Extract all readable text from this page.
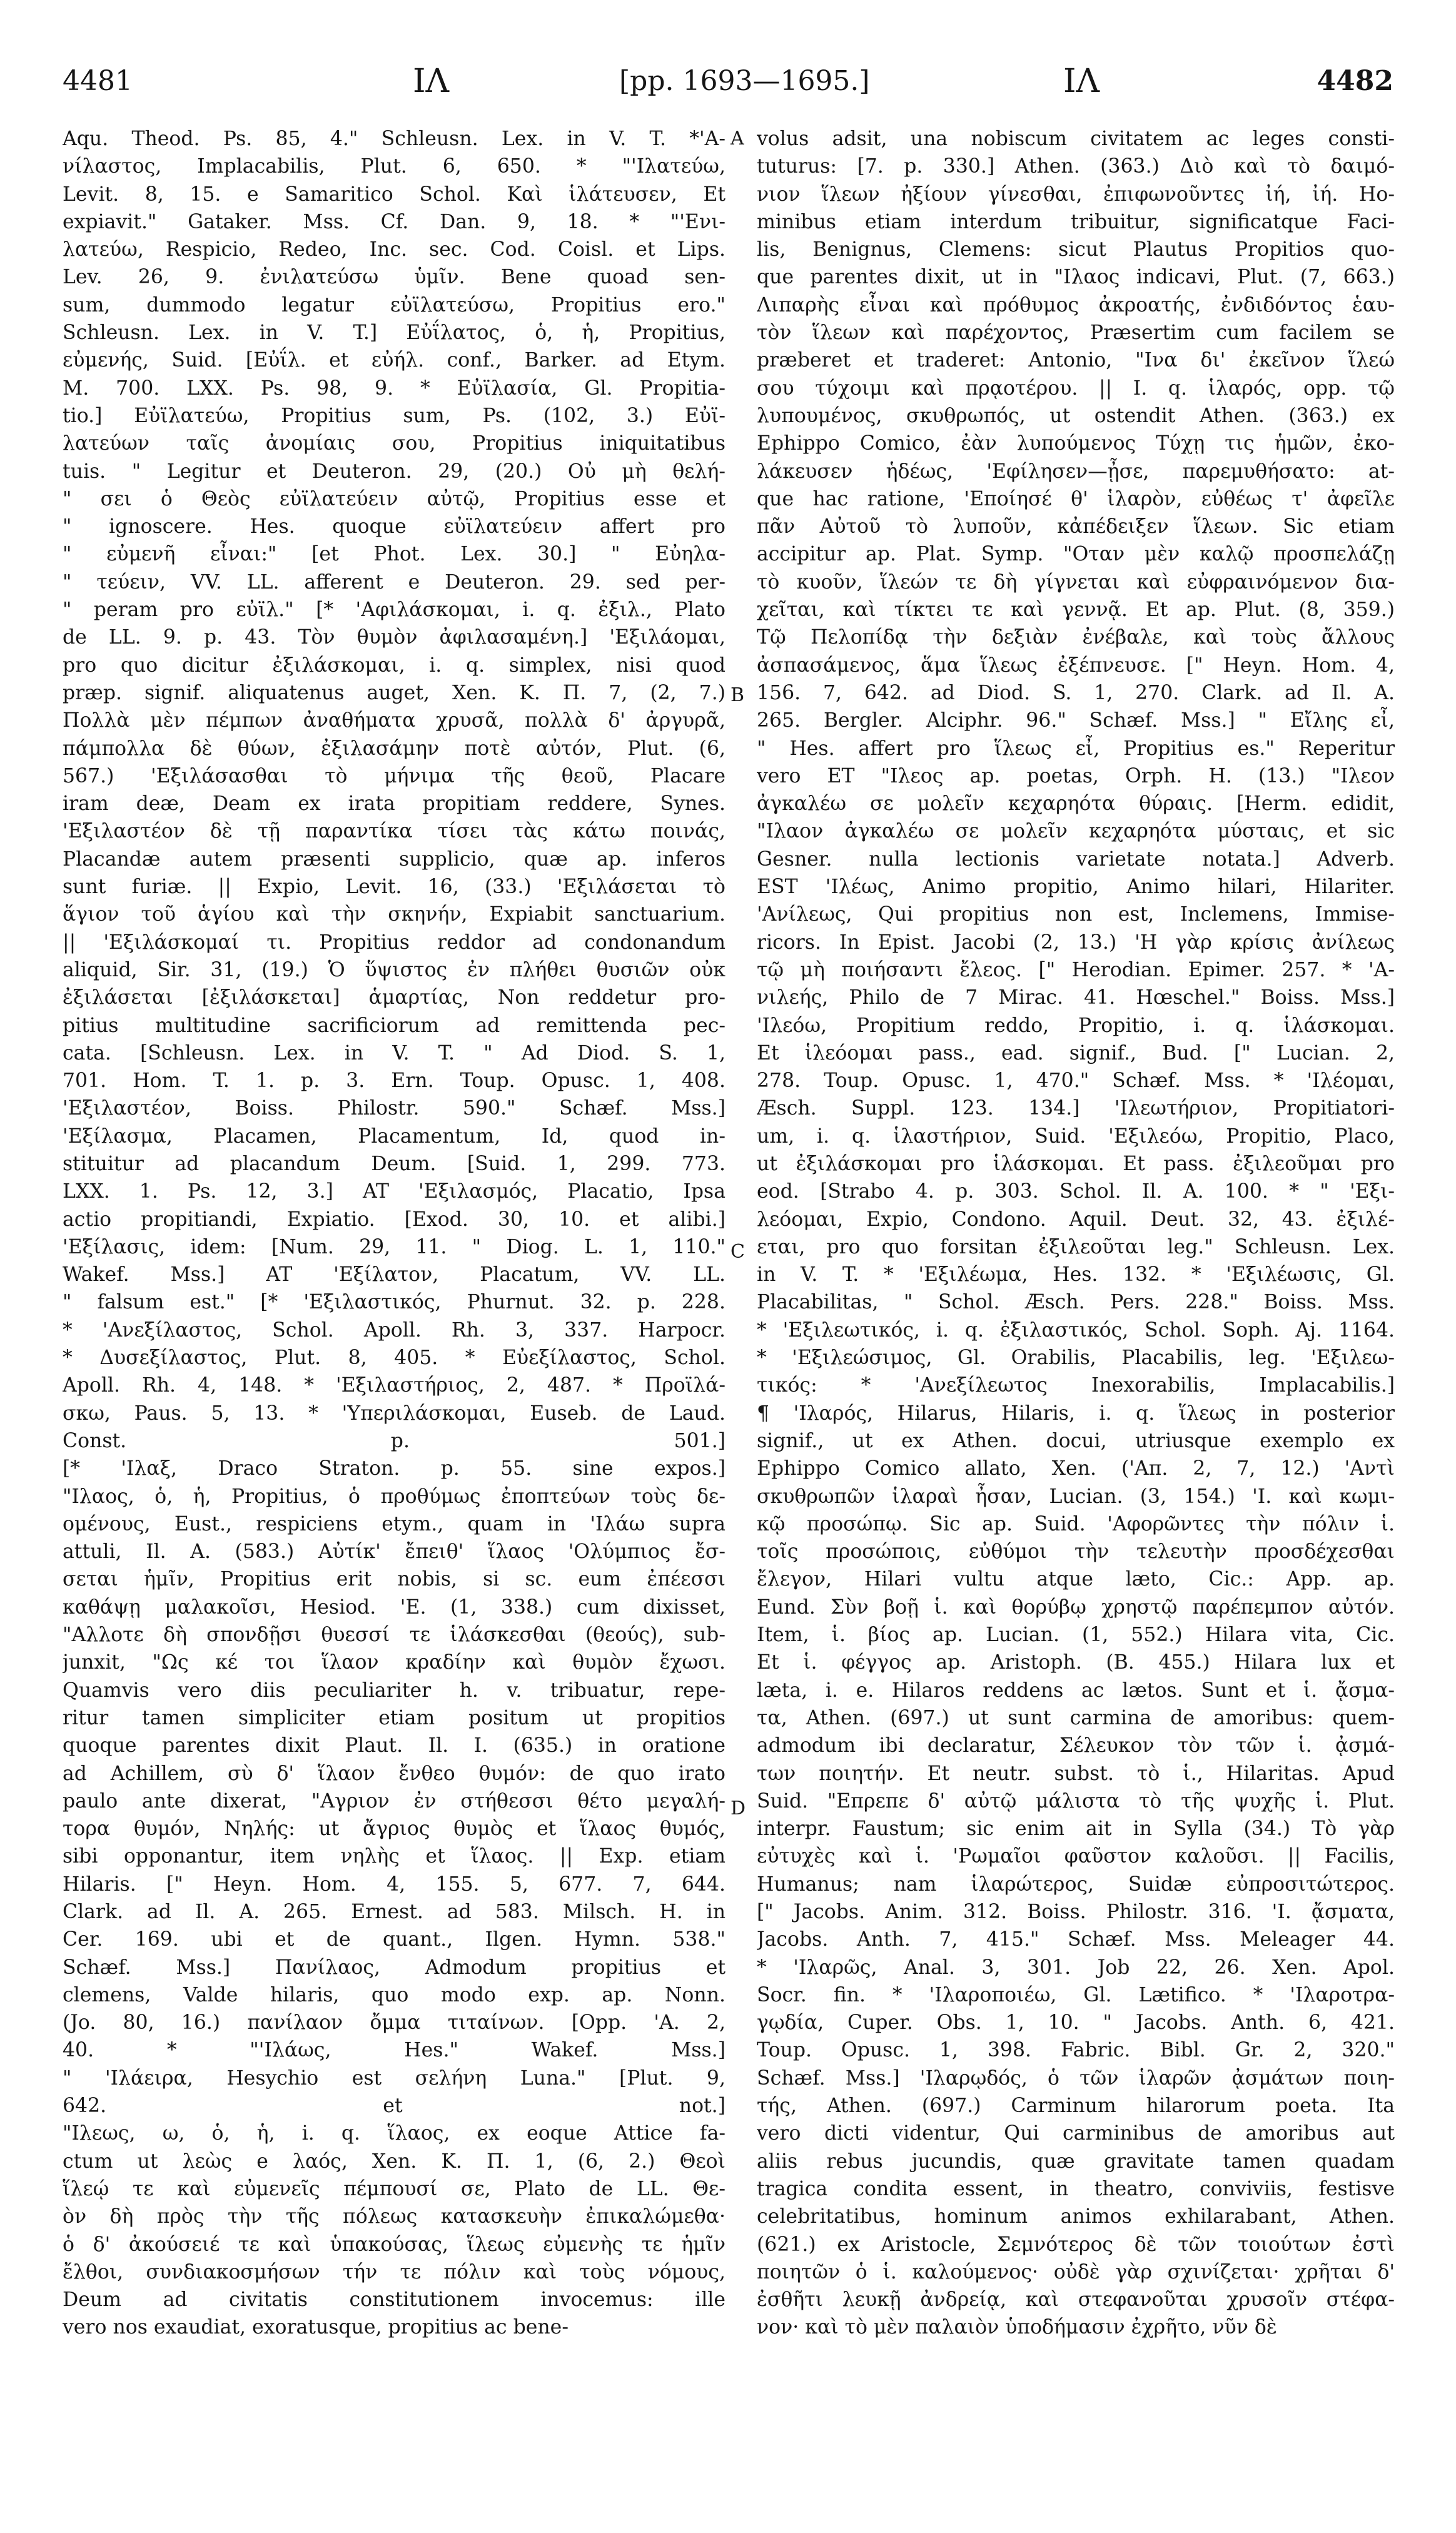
4481	ΙΛ	[pp. 1693—1695.]	ΙΛ	4482
Aqu. Theod. Ps. 85, 4." Schleusn. Lex. in V. T. *'A-
νίλαστος, Implacabilis, Plut. 6, 650. * "'Ιλατεύω,
Levit. 8, 15. e Samaritico Schol. Καὶ ἱλάτευσεν, Et
expiavit." Gataker. Mss. Cf. Dan. 9, 18. * "'Ενι-
λατεύω, Respicio, Redeo, Inc. sec. Cod. Coisl. et Lips.
Lev. 26, 9. ἐνιλατεύσω ὑμῖν. Bene quoad sen-
sum, dummodo legatur εὐϊλατεύσω, Propitius ero."
Schleusn. Lex. in V. T.] Εὐΐλατος, ὁ, ἡ, Propitius,
εὐμενής, Suid. [Εὐΐλ. et εὐήλ. conf., Barker. ad Etym.
M. 700. LXX. Ps. 98, 9. * Εὐϊλασία, Gl. Propitia-
tio.] Εὐϊλατεύω, Propitius sum, Ps. (102, 3.) Εὐϊ-
λατεύων ταῖς ἀνομίαις σου, Propitius iniquitatibus
tuis. " Legitur et Deuteron. 29, (20.) Οὐ μὴ θελή-
" σει ὁ Θεὸς εὐϊλατεύειν αὐτῷ, Propitius esse et
" ignoscere. Hes. quoque εὐϊλατεύειν affert pro
" εὐμενῆ εἶναι:" [et Phot. Lex. 30.] " Εὐηλα-
" τεύειν, VV. LL. afferent e Deuteron. 29. sed per-
" peram pro εὐϊλ." [* 'Αφιλάσκομαι, i. q. ἐξιλ., Plato
de LL. 9. p. 43. Τὸν θυμὸν ἀφιλασαμένη.] 'Εξιλάομαι,
pro quo dicitur ἐξιλάσκομαι, i. q. simplex, nisi quod
præp. signif. aliquatenus auget, Xen. K. Π. 7, (2, 7.)
Πολλὰ μὲν πέμπων ἀναθήματα χρυσᾶ, πολλὰ δ' ἀργυρᾶ,
πάμπολλα δὲ θύων, ἐξιλασάμην ποτὲ αὐτόν, Plut. (6,
567.) 'Εξιλάσασθαι τὸ μήνιμα τῆς θεοῦ, Placare
iram deæ, Deam ex irata propitiam reddere, Synes.
'Εξιλαστέον δὲ τῇ παραντίκα τίσει τὰς κάτω ποινάς,
Placandæ autem præsenti supplicio, quæ ap. inferos
sunt furiæ. || Expio, Levit. 16, (33.) 'Εξιλάσεται τὸ
ἅγιον τοῦ ἁγίου καὶ τὴν σκηνήν, Expiabit sanctuarium.
|| 'Εξιλάσκομαί τι. Propitius reddor ad condonandum
aliquid, Sir. 31, (19.) Ὁ ὕψιστος ἐν πλήθει θυσιῶν οὐκ
ἐξιλάσεται [ἐξιλάσκεται] ἁμαρτίας, Non reddetur pro-
pitius multitudine sacrificiorum ad remittenda pec-
cata. [Schleusn. Lex. in V. T. " Ad Diod. S. 1,
701. Hom. T. 1. p. 3. Ern. Toup. Opusc. 1, 408.
'Εξιλαστέον, Boiss. Philostr. 590." Schæf. Mss.]
'Εξίλασμα, Placamen, Placamentum, Id, quod in-
stituitur ad placandum Deum. [Suid. 1, 299. 773.
LXX. 1. Ps. 12, 3.] AT 'Εξιλασμός, Placatio, Ipsa
actio propitiandi, Expiatio. [Exod. 30, 10. et alibi.]
'Εξίλασις, idem: [Num. 29, 11. " Diog. L. 1, 110."
Wakef. Mss.] AT 'Εξίλατον, Placatum, VV. LL.
" falsum est." [* 'Εξιλαστικός, Phurnut. 32. p. 228.
* 'Ανεξίλαστος, Schol. Apoll. Rh. 3, 337. Harpocr.
* Δυσεξίλαστος, Plut. 8, 405. * Εὐεξίλαστος, Schol.
Apoll. Rh. 4, 148. * 'Εξιλαστήριος, 2, 487. * Προϊλά-
σκω, Paus. 5, 13. * 'Υπεριλάσκομαι, Euseb. de Laud.
Const. p. 501.]
[* 'Ιλαξ, Draco Straton. p. 55. sine expos.]
"Ιλαος, ὁ, ἡ, Propitius, ὁ προθύμως ἐποπτεύων τοὺς δε-
ομένους, Eust., respiciens etym., quam in 'Ιλάω supra
attuli, Il. A. (583.) Αὐτίκ' ἔπειθ' ἵλαος 'Ολύμπιος ἔσ-
σεται ἡμῖν, Propitius erit nobis, si sc. eum ἐπέεσσι
καθάψῃ μαλακοῖσι, Hesiod. 'E. (1, 338.) cum dixisset,
"Αλλοτε δὴ σπονδῇσι θυεσσί τε ἱλάσκεσθαι (θεούς), sub-
junxit, "Ως κέ τοι ἵλαον κραδίην καὶ θυμὸν ἔχωσι.
Quamvis vero diis peculiariter h. v. tribuatur, repe-
ritur tamen simpliciter etiam positum ut propitios
quoque parentes dixit Plaut. Il. I. (635.) in oratione
ad Achillem, σὺ δ' ἵλαον ἔνθεο θυμόν: de quo irato
paulo ante dixerat, "Αγριον ἐν στήθεσσι θέτο μεγαλή-
τορα θυμόν, Νηλής: ut ἄγριος θυμὸς et ἵλαος θυμός,
sibi opponantur, item νηλὴς et ἵλαος. || Exp. etiam
Hilaris. [" Heyn. Hom. 4, 155. 5, 677. 7, 644.
Clark. ad Il. A. 265. Ernest. ad 583. Milsch. H. in
Cer. 169. ubi et de quant., Ilgen. Hymn. 538."
Schæf. Mss.] Πανίλαος, Admodum propitius et
clemens, Valde hilaris, quo modo exp. ap. Nonn.
(Jo. 80, 16.) πανίλαον ὄμμα τιταίνων. [Opp. 'A. 2,
40. * "'Ιλάως, Hes." Wakef. Mss.]
" 'Ιλάειρα, Hesychio est σελήνη Luna." [Plut. 9,
642. et not.]
"Ιλεως, ω, ὁ, ἡ, i. q. ἵλαος, ex eoque Attice fa-
ctum ut λεὼς e λαός, Xen. K. Π. 1, (6, 2.) Θεοὶ
ἵλεῴ τε καὶ εὐμενεῖς πέμπουσί σε, Plato de LL. Θε-
ὸν δὴ πρὸς τὴν τῆς πόλεως κατασκευὴν ἐπικαλώμεθα·
ὁ δ' ἀκούσειέ τε καὶ ὑπακούσας, ἵλεως εὐμενὴς τε ἡμῖν
ἔλθοι, συνδιακοσμήσων τήν τε πόλιν καὶ τοὺς νόμους,
Deum ad civitatis constitutionem invocemus: ille
vero nos exaudiat, exoratusque, propitius ac bene-
volus adsit, una nobiscum civitatem ac leges consti-
tuturus: [7. p. 330.] Athen. (363.) Διὸ καὶ τὸ δαιμό-
νιον ἵλεων ἠξίουν γίνεσθαι, ἐπιφωνοῦντες ἰή, ἰή. Ho-
minibus etiam interdum tribuitur, significatque Faci-
lis, Benignus, Clemens: sicut Plautus Propitios quo-
que parentes dixit, ut in "Ιλαος indicavi, Plut. (7, 663.)
Λιπαρὴς εἶναι καὶ πρόθυμος ἀκροατής, ἐνδιδόντος ἑαυ-
τὸν ἵλεων καὶ παρέχοντος, Præsertim cum facilem se
præberet et traderet: Antonio, "Ινα δι' ἐκεῖνον ἵλεώ
σου τύχοιμι καὶ πρᾳοτέρου. || I. q. ἱλαρός, opp. τῷ
λυπουμένος, σκυθρωπός, ut ostendit Athen. (363.) ex
Ephippo Comico, ἐὰν λυπούμενος Τύχῃ τις ἡμῶν, ἐκο-
λάκευσεν ἡδέως, 'Εφίλησεν—ᾖσε, παρεμυθήσατο: at-
que hac ratione, 'Εποίησέ θ' ἱλαρὸν, εὐθέως τ' ἀφεῖλε
πᾶν Αὐτοῦ τὸ λυποῦν, κἀπέδειξεν ἵλεων. Sic etiam
accipitur ap. Plat. Symp. "Οταν μὲν καλῷ προσπελάζῃ
τὸ κυοῦν, ἵλεών τε δὴ γίγνεται καὶ εὐφραινόμενον δια-
χεῖται, καὶ τίκτει τε καὶ γεννᾷ. Et ap. Plut. (8, 359.)
Τῷ Πελοπίδᾳ τὴν δεξιὰν ἐνέβαλε, καὶ τοὺς ἄλλους
ἀσπασάμενος, ἅμα ἵλεως ἐξέπνευσε. [" Heyn. Hom. 4,
156. 7, 642. ad Diod. S. 1, 270. Clark. ad Il. A.
265. Bergler. Alciphr. 96." Schæf. Mss.] " Εἴλης εἶ,
" Hes. affert pro ἵλεως εἶ, Propitius es." Reperitur
vero ET "Ιλεος ap. poetas, Orph. H. (13.) "Ιλεον
ἀγκαλέω σε μολεῖν κεχαρηότα θύραις. [Herm. edidit,
"Ιλαον ἀγκαλέω σε μολεῖν κεχαρηότα μύσταις, et sic
Gesner. nulla lectionis varietate notata.] Adverb.
EST 'Ιλέως, Animo propitio, Animo hilari, Hilariter.
'Ανίλεως, Qui propitius non est, Inclemens, Immise-
ricors. In Epist. Jacobi (2, 13.) 'Η γὰρ κρίσις ἀνίλεως
τῷ μὴ ποιήσαντι ἔλεος. [" Herodian. Epimer. 257. * 'A-
νιλεής, Philo de 7 Mirac. 41. Hœschel." Boiss. Mss.]
'Ιλεόω, Propitium reddo, Propitio, i. q. ἱλάσκομαι.
Et ἱλεόομαι pass., ead. signif., Bud. [" Lucian. 2,
278. Toup. Opusc. 1, 470." Schæf. Mss. * 'Ιλέομαι,
Æsch. Suppl. 123. 134.] 'Ιλεωτήριον, Propitiatori-
um, i. q. ἱλαστήριον, Suid. 'Εξιλεόω, Propitio, Placo,
ut ἐξιλάσκομαι pro ἱλάσκομαι. Et pass. ἐξιλεοῦμαι pro
eod. [Strabo 4. p. 303. Schol. Il. A. 100. * " 'Εξι-
λεόομαι, Expio, Condono. Aquil. Deut. 32, 43. ἐξιλέ-
εται, pro quo forsitan ἐξιλεοῦται leg." Schleusn. Lex.
in V. T. * 'Εξιλέωμα, Hes. 132. * 'Εξιλέωσις, Gl.
Placabilitas, " Schol. Æsch. Pers. 228." Boiss. Mss.
* 'Εξιλεωτικός, i. q. ἐξιλαστικός, Schol. Soph. Aj. 1164.
* 'Εξιλεώσιμος, Gl. Orabilis, Placabilis, leg. 'Εξιλεω-
τικός: * 'Ανεξίλεωτος Inexorabilis, Implacabilis.]
¶ 'Ιλαρός, Hilarus, Hilaris, i. q. ἵλεως in posterior
signif., ut ex Athen. docui, utriusque exemplo ex
Ephippo Comico allato, Xen. ('Aπ. 2, 7, 12.) 'Αντὶ
σκυθρωπῶν ἱλαραὶ ἦσαν, Lucian. (3, 154.) 'I. καὶ κωμι-
κῷ προσώπῳ. Sic ap. Suid. 'Αφορῶντες τὴν πόλιν ἱ.
τοῖς προσώποις, εὐθύμοι τὴν τελευτὴν προσδέχεσθαι
ἔλεγον, Hilari vultu atque læto, Cic.: App. ap.
Eund. Σὺν βοῇ ἱ. καὶ θορύβῳ χρηστῷ παρέπεμπον αὐτόν.
Item, ἱ. βίος ap. Lucian. (1, 552.) Hilara vita, Cic.
Et ἱ. φέγγος ap. Aristoph. (B. 455.) Hilara lux et
læta, i. e. Hilaros reddens ac lætos. Sunt et ἱ. ᾄσμα-
τα, Athen. (697.) ut sunt carmina de amoribus: quem-
admodum ibi declaratur, Σέλευκον τὸν τῶν ἱ. ᾀσμά-
των ποιητήν. Et neutr. subst. τὸ ἱ., Hilaritas. Apud
Suid. "Επρεπε δ' αὐτῷ μάλιστα τὸ τῆς ψυχῆς ἱ. Plut.
interpr. Faustum; sic enim ait in Sylla (34.) Τὸ γὰρ
εὐτυχὲς καὶ ἱ. 'Ρωμαῖοι φαῦστον καλοῦσι. || Facilis,
Humanus; nam ἱλαρώτερος, Suidæ εὐπροσιτώτερος.
[" Jacobs. Anim. 312. Boiss. Philostr. 316. 'I. ᾄσματα,
Jacobs. Anth. 7, 415." Schæf. Mss. Meleager 44.
* 'Ιλαρῶς, Anal. 3, 301. Job 22, 26. Xen. Apol.
Socr. fin. * 'Ιλαροποιέω, Gl. Lætifico. * 'Ιλαροτρα-
γῳδία, Cuper. Obs. 1, 10. " Jacobs. Anth. 6, 421.
Toup. Opusc. 1, 398. Fabric. Bibl. Gr. 2, 320."
Schæf. Mss.] 'Ιλαρῳδός, ὁ τῶν ἱλαρῶν ᾀσμάτων ποιη-
τής, Athen. (697.) Carminum hilarorum poeta. Ita
vero dicti videntur, Qui carminibus de amoribus aut
aliis rebus jucundis, quæ gravitate tamen quadam
tragica condita essent, in theatro, conviviis, festisve
celebritatibus, hominum animos exhilarabant, Athen.
(621.) ex Aristocle, Σεμνότερος δὲ τῶν τοιούτων ἐστὶ
ποιητῶν ὁ ἱ. καλούμενος· οὐδὲ γὰρ σχινίζεται· χρῆται δ'
ἐσθῆτι λευκῇ ἀνδρείᾳ, καὶ στεφανοῦται χρυσοῖν στέφα-
νον· καὶ τὸ μὲν παλαιὸν ὑποδήμασιν ἐχρῆτο, νῦν δὲ
A
B
C
D
